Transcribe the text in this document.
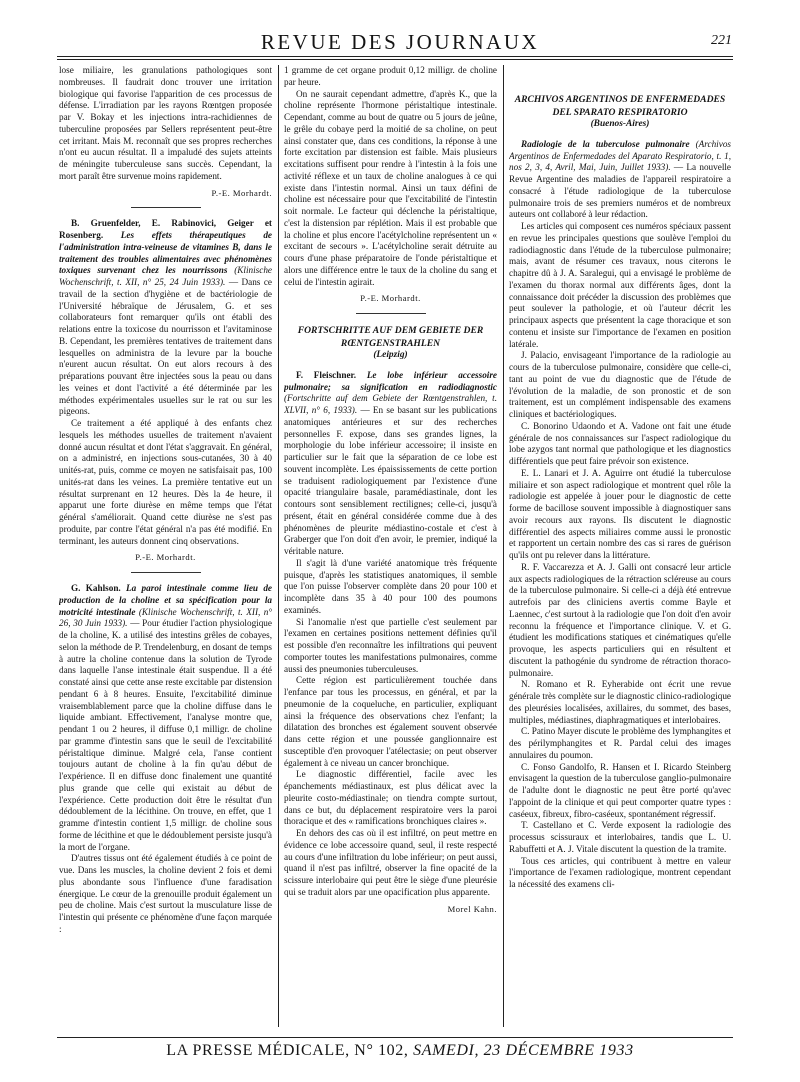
REVUE DES JOURNAUX	221

lose miliaire, les granulations pathologiques sont nombreuses. Il faudrait donc trouver une irritation biologique qui favorise l'apparition de ces processus de défense. L'irradiation par les rayons Rœntgen proposée par V. Bokay et les injections intra-rachidiennes de tuberculine proposées par Sellers représentent peut-être cet irritant. Mais M. reconnaît que ses propres recherches n'ont eu aucun résultat. Il a impaludé des sujets atteints de méningite tuberculeuse sans succès. Cependant, la mort paraît être survenue moins rapidement.

P.-E. Morhardt.

B. Gruenfelder, E. Rabinovici, Geiger et Rosenberg. Les effets thérapeutiques de l'administration intra-veineuse de vitamines B, dans le traitement des troubles alimentaires avec phénomènes toxiques survenant chez les nourrissons (Klinische Wochenschrift, t. XII, n° 25, 24 Juin 1933). — Dans ce travail de la section d'hygiène et de bactériologie de l'Université hébraïque de Jérusalem, G. et ses collaborateurs font remarquer qu'ils ont établi des relations entre la toxicose du nourrisson et l'avitaminose B. Cependant, les premières tentatives de traitement dans lesquelles on administra de la levure par la bouche n'eurent aucun résultat. On eut alors recours à des préparations pouvant être injectées sous la peau ou dans les veines et dont l'activité a été déterminée par les méthodes expérimentales usuelles sur le rat ou sur les pigeons.

Ce traitement a été appliqué à des enfants chez lesquels les méthodes usuelles de traitement n'avaient donné aucun résultat et dont l'état s'aggravait. En général, on a administré, en injections sous-cutanées, 30 à 40 unités-rat, puis, comme ce moyen ne satisfaisait pas, 100 unités-rat dans les veines. La première tentative eut un résultat surprenant en 12 heures. Dès la 4e heure, il apparut une forte diurèse en même temps que l'état général s'améliorait. Quand cette diurèse ne s'est pas produite, par contre l'état général n'a pas été modifié. En terminant, les auteurs donnent cinq observations.

P.-E. Morhardt.

G. Kahlson. La paroi intestinale comme lieu de production de la choline et sa spécification pour la motricité intestinale (Klinische Wochenschrift, t. XII, n° 26, 30 Juin 1933). — Pour étudier l'action physiologique de la choline, K. a utilisé des intestins grêles de cobayes, selon la méthode de P. Trendelenburg, en dosant de temps à autre la choline contenue dans la solution de Tyrode dans laquelle l'anse intestinale était suspendue. Il a été constaté ainsi que cette anse reste excitable par distension pendant 6 à 8 heures. Ensuite, l'excitabilité diminue vraisemblablement parce que la choline diffuse dans le liquide ambiant. Effectivement, l'analyse montre que, pendant 1 ou 2 heures, il diffuse 0,1 milligr. de choline par gramme d'intestin sans que le seuil de l'excitabilité péristaltique diminue. Malgré cela, l'anse contient toujours autant de choline à la fin qu'au début de l'expérience. Il en diffuse donc finalement une quantité plus grande que celle qui existait au début de l'expérience. Cette production doit être le résultat d'un dédoublement de la lécithine. On trouve, en effet, que 1 gramme d'intestin contient 1,5 milligr. de choline sous forme de lécithine et que le dédoublement persiste jusqu'à la mort de l'organe.

D'autres tissus ont été également étudiés à ce point de vue. Dans les muscles, la choline devient 2 fois et demi plus abondante sous l'influence d'une faradisation énergique. Le cœur de la grenouille produit également un peu de choline. Mais c'est surtout la musculature lisse de l'intestin qui présente ce phénomène d'une façon marquée :

1 gramme de cet organe produit 0,12 milligr. de choline par heure.

On ne saurait cependant admettre, d'après K., que la choline représente l'hormone péristaltique intestinale. Cependant, comme au bout de quatre ou 5 jours de jeûne, le grêle du cobaye perd la moitié de sa choline, on peut ainsi constater que, dans ces conditions, la réponse à une forte excitation par distension est faible. Mais plusieurs excitations suffisent pour rendre à l'intestin à la fois une activité réflexe et un taux de choline analogues à ce qui existe dans l'intestin normal. Ainsi un taux défini de choline est nécessaire pour que l'excitabilité de l'intestin soit normale. Le facteur qui déclenche la péristaltique, c'est la distension par réplétion. Mais il est probable que la choline et plus encore l'acétylcholine représentent un « excitant de secours ». L'acétylcholine serait détruite au cours d'une phase préparatoire de l'onde péristaltique et alors une différence entre le taux de la choline du sang et celui de l'intestin agirait.

P.-E. Morhardt.
FORTSCHRITTE AUF DEM GEBIETE DER RŒNTGENSTRAHLEN
(Leipzig)

F. Fleischner. Le lobe inférieur accessoire pulmonaire; sa signification en radiodiagnostic (Fortschritte auf dem Gebiete der Rœntgenstrahlen, t. XLVII, n° 6, 1933). — En se basant sur les publications anatomiques antérieures et sur des recherches personnelles F. expose, dans ses grandes lignes, la morphologie du lobe inférieur accessoire; il insiste en particulier sur le fait que la séparation de ce lobe est souvent incomplète. Les épaississements de cette portion se traduisent radiologiquement par l'existence d'une opacité triangulaire basale, paramédiastinale, dont les contours sont sensiblement rectilignes; celle-ci, jusqu'à présent, était en général considérée comme due à des phénomènes de pleurite médiastino-costale et c'est à Graberger que l'on doit d'en avoir, le premier, indiqué la véritable nature.

Il s'agit là d'une variété anatomique très fréquente puisque, d'après les statistiques anatomiques, il semble que l'on puisse l'observer complète dans 20 pour 100 et incomplète dans 35 à 40 pour 100 des poumons examinés.

Si l'anomalie n'est que partielle c'est seulement par l'examen en certaines positions nettement définies qu'il est possible d'en reconnaître les infiltrations qui peuvent comporter toutes les manifestations pulmonaires, comme aussi des pneumonies tuberculeuses.

Cette région est particulièrement touchée dans l'enfance par tous les processus, en général, et par la pneumonie de la coqueluche, en particulier, expliquant ainsi la fréquence des observations chez l'enfant; la dilatation des bronches est également souvent observée dans cette région et une poussée ganglionnaire est susceptible d'en provoquer l'atélectasie; on peut observer également à ce niveau un cancer bronchique.

Le diagnostic différentiel, facile avec les épanchements médiastinaux, est plus délicat avec la pleurite costo-médiastinale; on tiendra compte surtout, dans ce but, du déplacement respiratoire vers la paroi thoracique et des « ramifications bronchiques claires ».

En dehors des cas où il est infiltré, on peut mettre en évidence ce lobe accessoire quand, seul, il reste respecté au cours d'une infiltration du lobe inférieur; on peut aussi, quand il n'est pas infiltré, observer la fine opacité de la scissure interlobaire qui peut être le siège d'une pleurésie qui se traduit alors par une opacification plus apparente.

Morel Kahn.
ARCHIVOS ARGENTINOS DE ENFERMEDADES DEL SPARATO RESPIRATORIO
(Buenos-Aires)

Radiologie de la tuberculose pulmonaire (Archivos Argentinos de Enfermedades del Aparato Respiratorio, t. 1, nos 2, 3, 4, Avril, Mai, Juin, Juillet 1933). — La nouvelle Revue Argentine des maladies de l'appareil respiratoire a consacré à l'étude radiologique de la tuberculose pulmonaire trois de ses premiers numéros et de nombreux auteurs ont collaboré à leur rédaction.

Les articles qui composent ces numéros spéciaux passent en revue les principales questions que soulève l'emploi du radiodiagnostic dans l'étude de la tuberculose pulmonaire; mais, avant de résumer ces travaux, nous citerons le chapitre dû à J. A. Saralegui, qui a envisagé le problème de l'examen du thorax normal aux différents âges, dont la connaissance doit précéder la discussion des problèmes que peut soulever la pathologie, et où l'auteur décrit les principaux aspects que présentent la cage thoracique et son contenu et insiste sur l'importance de l'examen en position latérale.

J. Palacio, envisageant l'importance de la radiologie au cours de la tuberculose pulmonaire, considère que celle-ci, tant au point de vue du diagnostic que de l'étude de l'évolution de la maladie, de son pronostic et de son traitement, est un complément indispensable des examens cliniques et bactériologiques.

C. Bonorino Udaondo et A. Vadone ont fait une étude générale de nos connaissances sur l'aspect radiologique du lobe azygos tant normal que pathologique et les diagnostics différentiels que peut faire prévoir son existence.

E. L. Lanari et J. A. Aguirre ont étudié la tuberculose miliaire et son aspect radiologique et montrent quel rôle la radiologie est appelée à jouer pour le diagnostic de cette forme de bacillose souvent impossible à diagnostiquer sans avoir recours aux rayons. Ils discutent le diagnostic différentiel des aspects miliaires comme aussi le pronostic et rapportent un certain nombre des cas si rares de guérison qu'ils ont pu relever dans la littérature.

R. F. Vaccarezza et A. J. Galli ont consacré leur article aux aspects radiologiques de la rétraction scléreuse au cours de la tuberculose pulmonaire. Si celle-ci a déjà été entrevue autrefois par des cliniciens avertis comme Bayle et Laennec, c'est surtout à la radiologie que l'on doit d'en avoir reconnu la fréquence et l'importance clinique. V. et G. étudient les modifications statiques et cinématiques qu'elle provoque, les aspects particuliers qui en résultent et discutent la pathogénie du syndrome de rétraction thoraco-pulmonaire.

N. Romano et R. Eyherabide ont écrit une revue générale très complète sur le diagnostic clinico-radiologique des pleurésies localisées, axillaires, du sommet, des bases, multiples, médiastines, diaphragmatiques et interlobaires.

C. Patino Mayer discute le problème des lymphangites et des périlymphangites et R. Pardal celui des images annulaires du poumon.

C. Fonso Gandolfo, R. Hansen et I. Ricardo Steinberg envisagent la question de la tuberculose ganglio-pulmonaire de l'adulte dont le diagnostic ne peut être porté qu'avec l'appoint de la clinique et qui peut comporter quatre types : caséeux, fibreux, fibro-caséeux, spontanément régressif.

T. Castellano et C. Verde exposent la radiologie des processus scissuraux et interlobaires, tandis que L. U. Rabuffetti et A. J. Vitale discutent la question de la tramite.

Tous ces articles, qui contribuent à mettre en valeur l'importance de l'examen radiologique, montrent cependant la nécessité des examens cli-

LA PRESSE MÉDICALE, N° 102, SAMEDI, 23 DÉCEMBRE 1933
